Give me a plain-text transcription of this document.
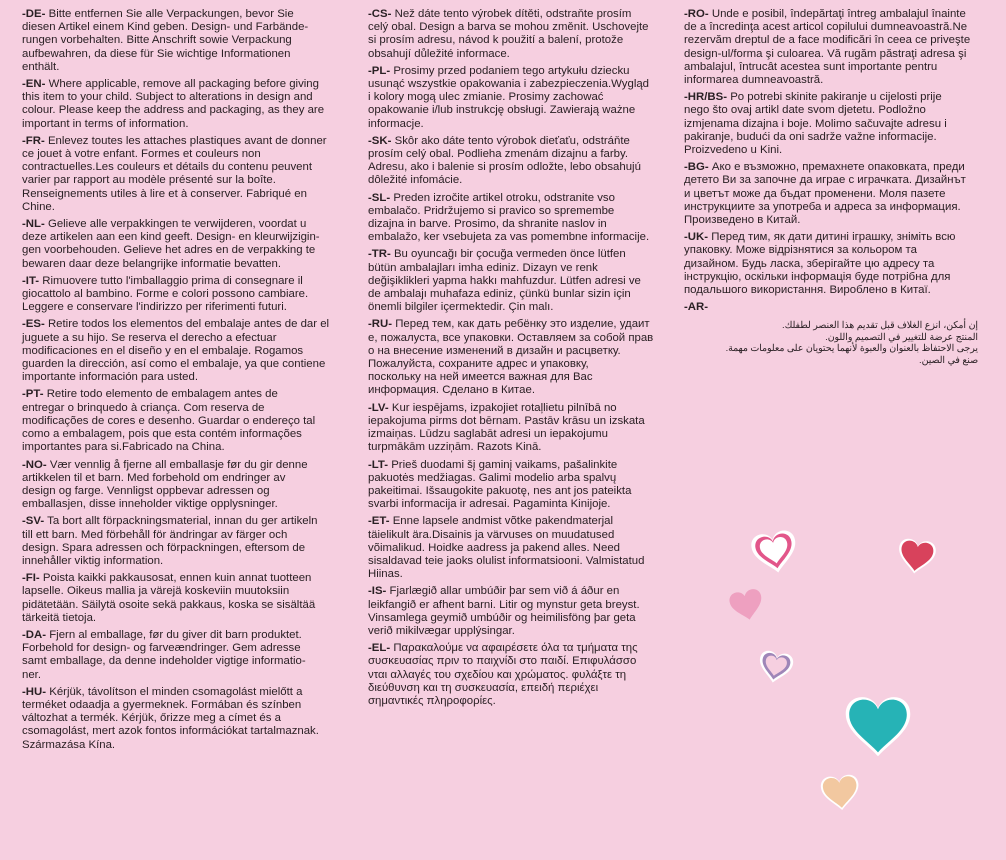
-DE- Bitte entfernen Sie alle Verpackungen, bevor Sie
diesen Artikel einem Kind geben. Design- und Farbände-
rungen vorbehalten. Bitte Anschrift sowie Verpackung
aufbewahren, da diese für Sie wichtige Informationen
enthält.
-EN- Where applicable, remove all packaging before giving
this item to your child. Subject to alterations in design and
colour. Please keep the address and packaging, as they are
important in terms of information.
-FR- Enlevez toutes les attaches plastiques avant de donner
ce jouet à votre enfant. Formes et couleurs non
contractuelles.Les couleurs et détails du contenu peuvent
varier par rapport au modèle présenté sur la boîte.
Renseignements utiles à lire et à conserver. Fabriqué en
Chine.
-NL- Gelieve alle verpakkingen te verwijderen, voordat u
deze artikelen aan een kind geeft. Design- en kleurwijzigin-
gen voorbehouden. Gelieve het adres en de verpakking te
bewaren daar deze belangrijke informatie bevatten.
-IT- Rimuovere tutto l'imballaggio prima di consegnare il
giocattolo al bambino. Forme e colori possono cambiare.
Leggere e conservare l'indirizzo per riferimenti futuri.
-ES- Retire todos los elementos del embalaje antes de dar el
juguete a su hijo. Se reserva el derecho a efectuar
modificaciones en el diseño y en el embalaje. Rogamos
guarden la dirección, así como el embalaje, ya que contiene
importante información para usted.
-PT- Retire todo elemento de embalagem antes de
entregar o brinquedo à criança. Com reserva de
modificações de cores e desenho. Guardar o endereço tal
como a embalagem, pois que esta contém informações
importantes para si.Fabricado na China.
-NO- Vær vennlig å fjerne all emballasje før du gir denne
artikkelen til et barn. Med forbehold om endringer av
design og farge. Vennligst oppbevar adressen og
emballasjen, disse inneholder viktige opplysninger.
-SV- Ta bort allt förpackningsmaterial, innan du ger artikeln
till ett barn. Med förbehåll för ändringar av färger och
design. Spara adressen och förpackningen, eftersom de
innehåller viktig information.
-FI- Poista kaikki pakkausosat, ennen kuin annat tuotteen
lapselle. Oikeus mallia ja värejä koskeviin muutoksiin
pidätetään. Säilytä osoite sekä pakkaus, koska se sisältää
tärkeitä tietoja.
-DA- Fjern al emballage, før du giver dit barn produktet.
Forbehold for design- og farveændringer. Gem adresse
samt emballage, da denne indeholder vigtige informatio-
ner.
-HU- Kérjük, távolítson el minden csomagolást mielőtt a
terméket odaadja a gyermeknek. Formában és színben
változhat a termék. Kérjük, őrizze meg a címet és a
csomagolást, mert azok fontos információkat tartalmaznak.
Származása Kína.
-CS- Než dáte tento výrobek dítěti, odstraňte prosím
celý obal. Design a barva se mohou změnit. Uschovejte
si prosím adresu, návod k použití a balení, protože
obsahují důležité informace.
-PL- Prosimy przed podaniem tego artykułu dziecku
usunąć wszystkie opakowania i zabezpieczenia.Wygląd
i kolory mogą ulec zmianie. Prosimy zachować
opakowanie i/lub instrukcję obsługi. Zawierają ważne
informacje.
-SK- Skôr ako dáte tento výrobok dieťaťu, odstráňte
prosím celý obal. Podlieha zmenám dizajnu a farby.
Adresu, ako i balenie si prosím odložte, lebo obsahujú
dôležité infomácie.
-SL- Preden izročite artikel otroku, odstranite vso
embalačo. Pridržujemo si pravico so spremembe
dizajna in barve. Prosimo, da shranite naslov in
embalažo, ker vsebujeta za vas pomembne informacije.
-TR- Bu oyuncağı bir çocuğa vermeden önce lütfen
bütün ambalajları imha ediniz. Dizayn ve renk
değişiklikleri yapma hakkı mahfuzdur. Lütfen adresi ve
de ambalajı muhafaza ediniz, çünkü bunlar sizin için
önemli bilgiler içermektedir. Çin malı.
-RU- Перед тем, как дать ребёнку это изделие, удаит
е, пожалуста, все упаковки. Оставляем за собой прав
о на внесение изменений в дизайн и расцветку.
Пожалуйста, сохраните адрес и упаковку,
поскольку на ней имеется важная для Вас
информация. Сделано в Китае.
-LV- Kur iespējams, izpakojiet rotaļlietu pilnībā no
iepakojuma pirms dot bērnam. Pastāv krāsu un izskata
izmaiņas. Lūdzu saglabāt adresi un iepakojumu
turpmākām uzziņām. Razots Kinā.
-LT- Prieš duodami šį gaminį vaikams, pašalinkite
pakuotės medžiagas. Galimi modelio arba spalvų
pakeitimai. Išsaugokite pakuotę, nes ant jos pateikta
svarbi informacija ir adresai. Pagaminta Kinijoje.
-ET- Enne lapsele andmist võtke pakendmaterjal
täielikult ära.Disainis ja värvuses on muudatused
võimalikud. Hoidke aadress ja pakend alles. Need
sisaldavad teie jaoks olulist informatsiooni. Valmistatud
Hiinas.
-IS- Fjarlægið allar umbúðir þar sem við á áður en
leikfangið er afhent barni. Litir og mynstur geta breyst.
Vinsamlega geymið umbúðir og heimilisföng þar geta
verið mikilvægar upplýsingar.
-EL- Παρακαλούμε να αφαιρέσετε όλα τα τμήματα της
συσκευασίας πριν το παιχνίδι στο παιδί. Επιφυλάσσο
νται αλλαγές του σχεδίου και χρώματος. φυλάξτε τη
διεύθυνση και τη συσκευασία, επειδή περιέχει
σημαντικές πληροφορίες.
-RO- Unde e posibil, îndepărtaţi întreg ambalajul înainte
de a încredinţa acest articol copilului dumneavoastră.Ne
rezervăm dreptul de a face modificări în ceea ce priveşte
design-ul/forma şi culoarea. Vă rugăm păstraţi adresa şi
ambalajul, întrucât acestea sunt importante pentru
informarea dumneavoastră.
-HR/BS- Po potrebi skinite pakiranje u cijelosti prije
nego što ovaj artikl date svom djetetu. Podložno
izmjenama dizajna i boje. Molimo sačuvajte adresu i
pakiranje, budući da oni sadrže važne informacije.
Proizvedeno u Kini.
-BG- Ако е възможно, премахнете опаковката, преди
детето Ви за започне да играе с играчката. Дизайнът
и цветът може да бъдат променени. Моля пазете
инструкциите за употреба и адреса за информация.
Произведено в Китай.
-UK- Перед тим, як дати дитині іграшку, зніміть всю
упаковку. Може відрізнятися за кольором та
дизайном. Будь ласка, зберігайте цю адресу та
інструкцію, оскільки інформація буде потрібна для
подальшого використання. Виробленo в Китаї.
-AR-
إن أمكن، انزع الغلاف قبل تقديم هذا العنصر لطفلك.
المنتج عرضة للتغيير في التصميم واللون.
يرجى الاحتفاظ بالعنوان والعبوة لأنهما يحتويان على معلومات مهمة.
صنع في الصين.
